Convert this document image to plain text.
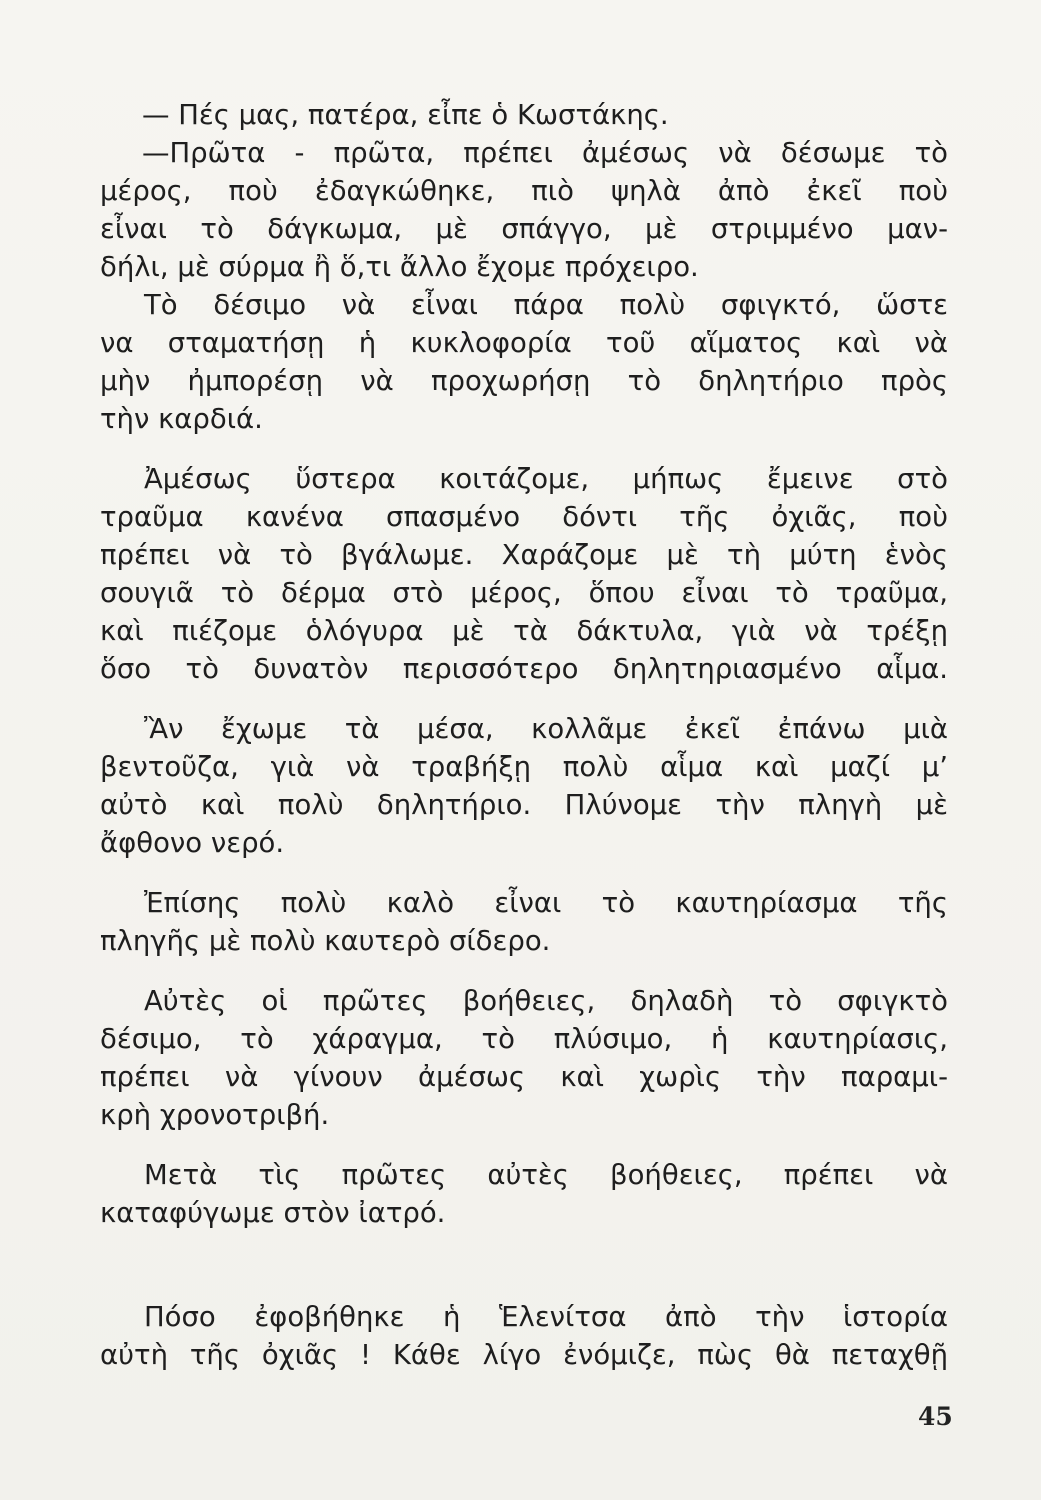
— Πές μας, πατέρα, εἶπε ὁ Κωστάκης.
—Πρῶτα - πρῶτα, πρέπει ἀμέσως νὰ δέσωμε τὸ
μέρος, ποὺ ἐδαγκώθηκε, πιὸ ψηλὰ ἀπὸ ἐκεῖ ποὺ
εἶναι τὸ δάγκωμα, μὲ σπάγγο, μὲ στριμμένο μαν-
δήλι, μὲ σύρμα ἢ ὅ,τι ἄλλο ἔχομε πρόχειρο.
Τὸ δέσιμο νὰ εἶναι πάρα πολὺ σφιγκτό, ὥστε
να σταματήσῃ ἡ κυκλοφορία τοῦ αἵματος καὶ νὰ
μὴν ἠμπορέσῃ νὰ προχωρήσῃ τὸ δηλητήριο πρὸς
τὴν καρδιά.
Ἀμέσως ὕστερα κοιτάζομε, μήπως ἔμεινε στὸ
τραῦμα κανένα σπασμένο δόντι τῆς ὀχιᾶς, ποὺ
πρέπει νὰ τὸ βγάλωμε. Χαράζομε μὲ τὴ μύτη ἑνὸς
σουγιᾶ τὸ δέρμα στὸ μέρος, ὅπου εἶναι τὸ τραῦμα,
καὶ πιέζομε ὁλόγυρα μὲ τὰ δάκτυλα, γιὰ νὰ τρέξῃ
ὅσο τὸ δυνατὸν περισσότερο δηλητηριασμένο αἷμα.
Ἂν ἔχωμε τὰ μέσα, κολλᾶμε ἐκεῖ ἐπάνω μιὰ
βεντοῦζα, γιὰ νὰ τραβήξῃ πολὺ αἷμα καὶ μαζί μ’
αὐτὸ καὶ πολὺ δηλητήριο. Πλύνομε τὴν πληγὴ μὲ
ἄφθονο νερό.
Ἐπίσης πολὺ καλὸ εἶναι τὸ καυτηρίασμα τῆς
πληγῆς μὲ πολὺ καυτερὸ σίδερο.
Αὐτὲς οἱ πρῶτες βοήθειες, δηλαδὴ τὸ σφιγκτὸ
δέσιμο, τὸ χάραγμα, τὸ πλύσιμο, ἡ καυτηρίασις,
πρέπει νὰ γίνουν ἀμέσως καὶ χωρὶς τὴν παραμι-
κρὴ χρονοτριβή.
Μετὰ τὶς πρῶτες αὐτὲς βοήθειες, πρέπει νὰ
καταφύγωμε στὸν ἰατρό.
Πόσο ἐφοβήθηκε ἡ Ἑλενίτσα ἀπὸ τὴν ἱστορία
αὐτὴ τῆς ὀχιᾶς ! Κάθε λίγο ἐνόμιζε, πὼς θὰ πεταχθῇ
45
